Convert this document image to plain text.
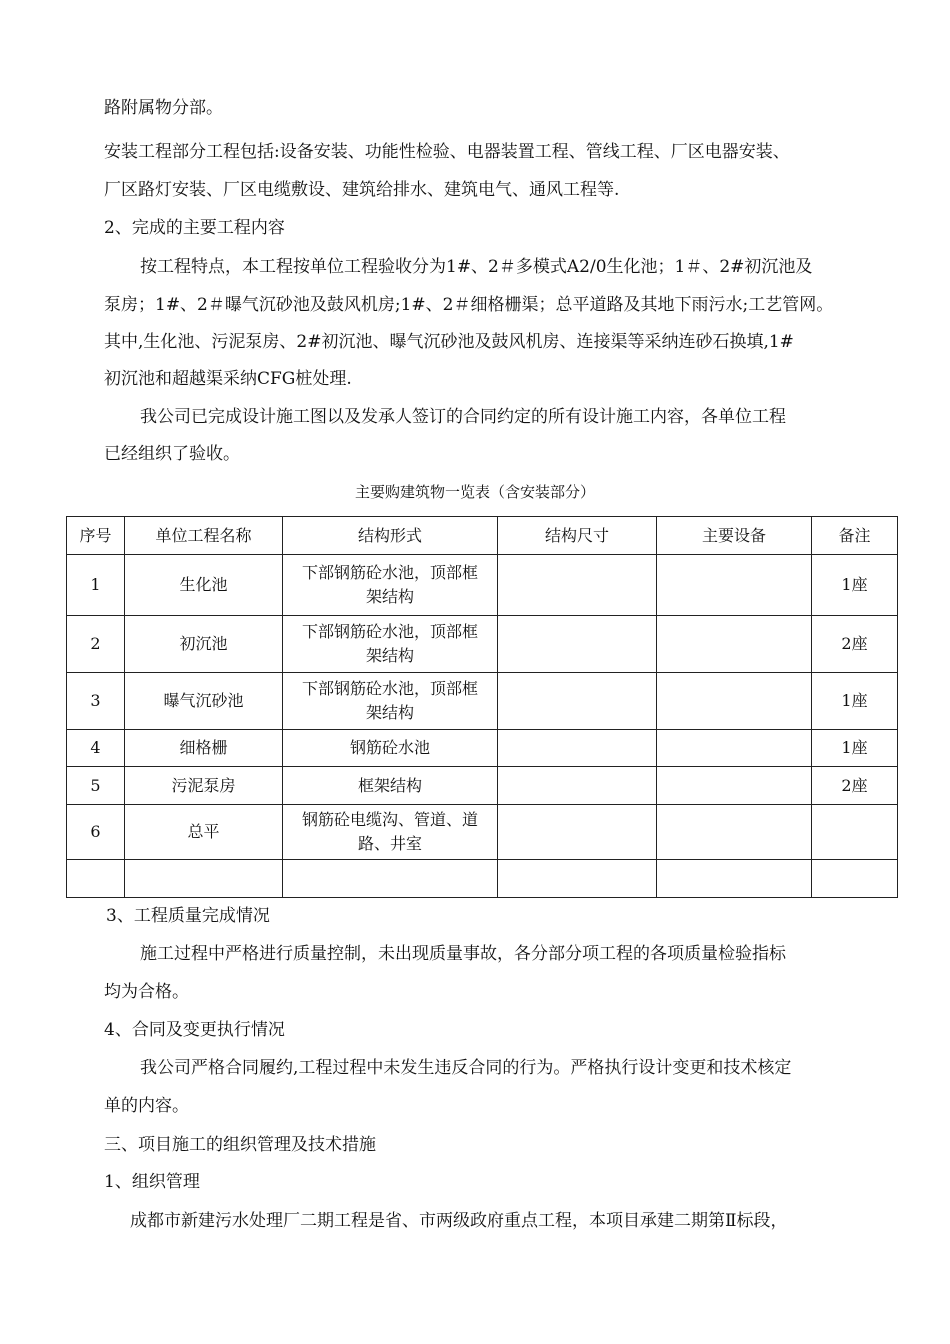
路附属物分部。
安装工程部分工程包括:设备安装、功能性检验、电器装置工程、管线工程、厂区电器安装、
厂区路灯安装、厂区电缆敷设、建筑给排水、建筑电气、通风工程等.
2、完成的主要工程内容
按工程特点，本工程按单位工程验收分为1#、2＃多模式A2/0生化池；1＃、2#初沉池及
泵房；1#、2＃曝气沉砂池及鼓风机房;1#、2＃细格栅渠；总平道路及其地下雨污水;工艺管网。
其中,生化池、污泥泵房、2#初沉池、曝气沉砂池及鼓风机房、连接渠等采纳连砂石换填,1#
初沉池和超越渠采纳CFG桩处理.
我公司已完成设计施工图以及发承人签订的合同约定的所有设计施工内容，各单位工程
已经组织了验收。
主要购建筑物一览表（含安装部分）
序号	单位工程名称	结构形式	结构尺寸	主要设备	备注
1	生化池	下部钢筋砼水池，顶部框
架结构			1座
2	初沉池	下部钢筋砼水池，顶部框
架结构			2座
3	曝气沉砂池	下部钢筋砼水池，顶部框
架结构			1座
4	细格栅	钢筋砼水池			1座
5	污泥泵房	框架结构			2座
6	总平	钢筋砼电缆沟、管道、道
路、井室			

3、工程质量完成情况
施工过程中严格进行质量控制，未出现质量事故，各分部分项工程的各项质量检验指标
均为合格。
4、合同及变更执行情况
我公司严格合同履约,工程过程中未发生违反合同的行为。严格执行设计变更和技术核定
单的内容。
三、项目施工的组织管理及技术措施
1、组织管理
成都市新建污水处理厂二期工程是省、市两级政府重点工程，本项目承建二期第Ⅱ标段，
